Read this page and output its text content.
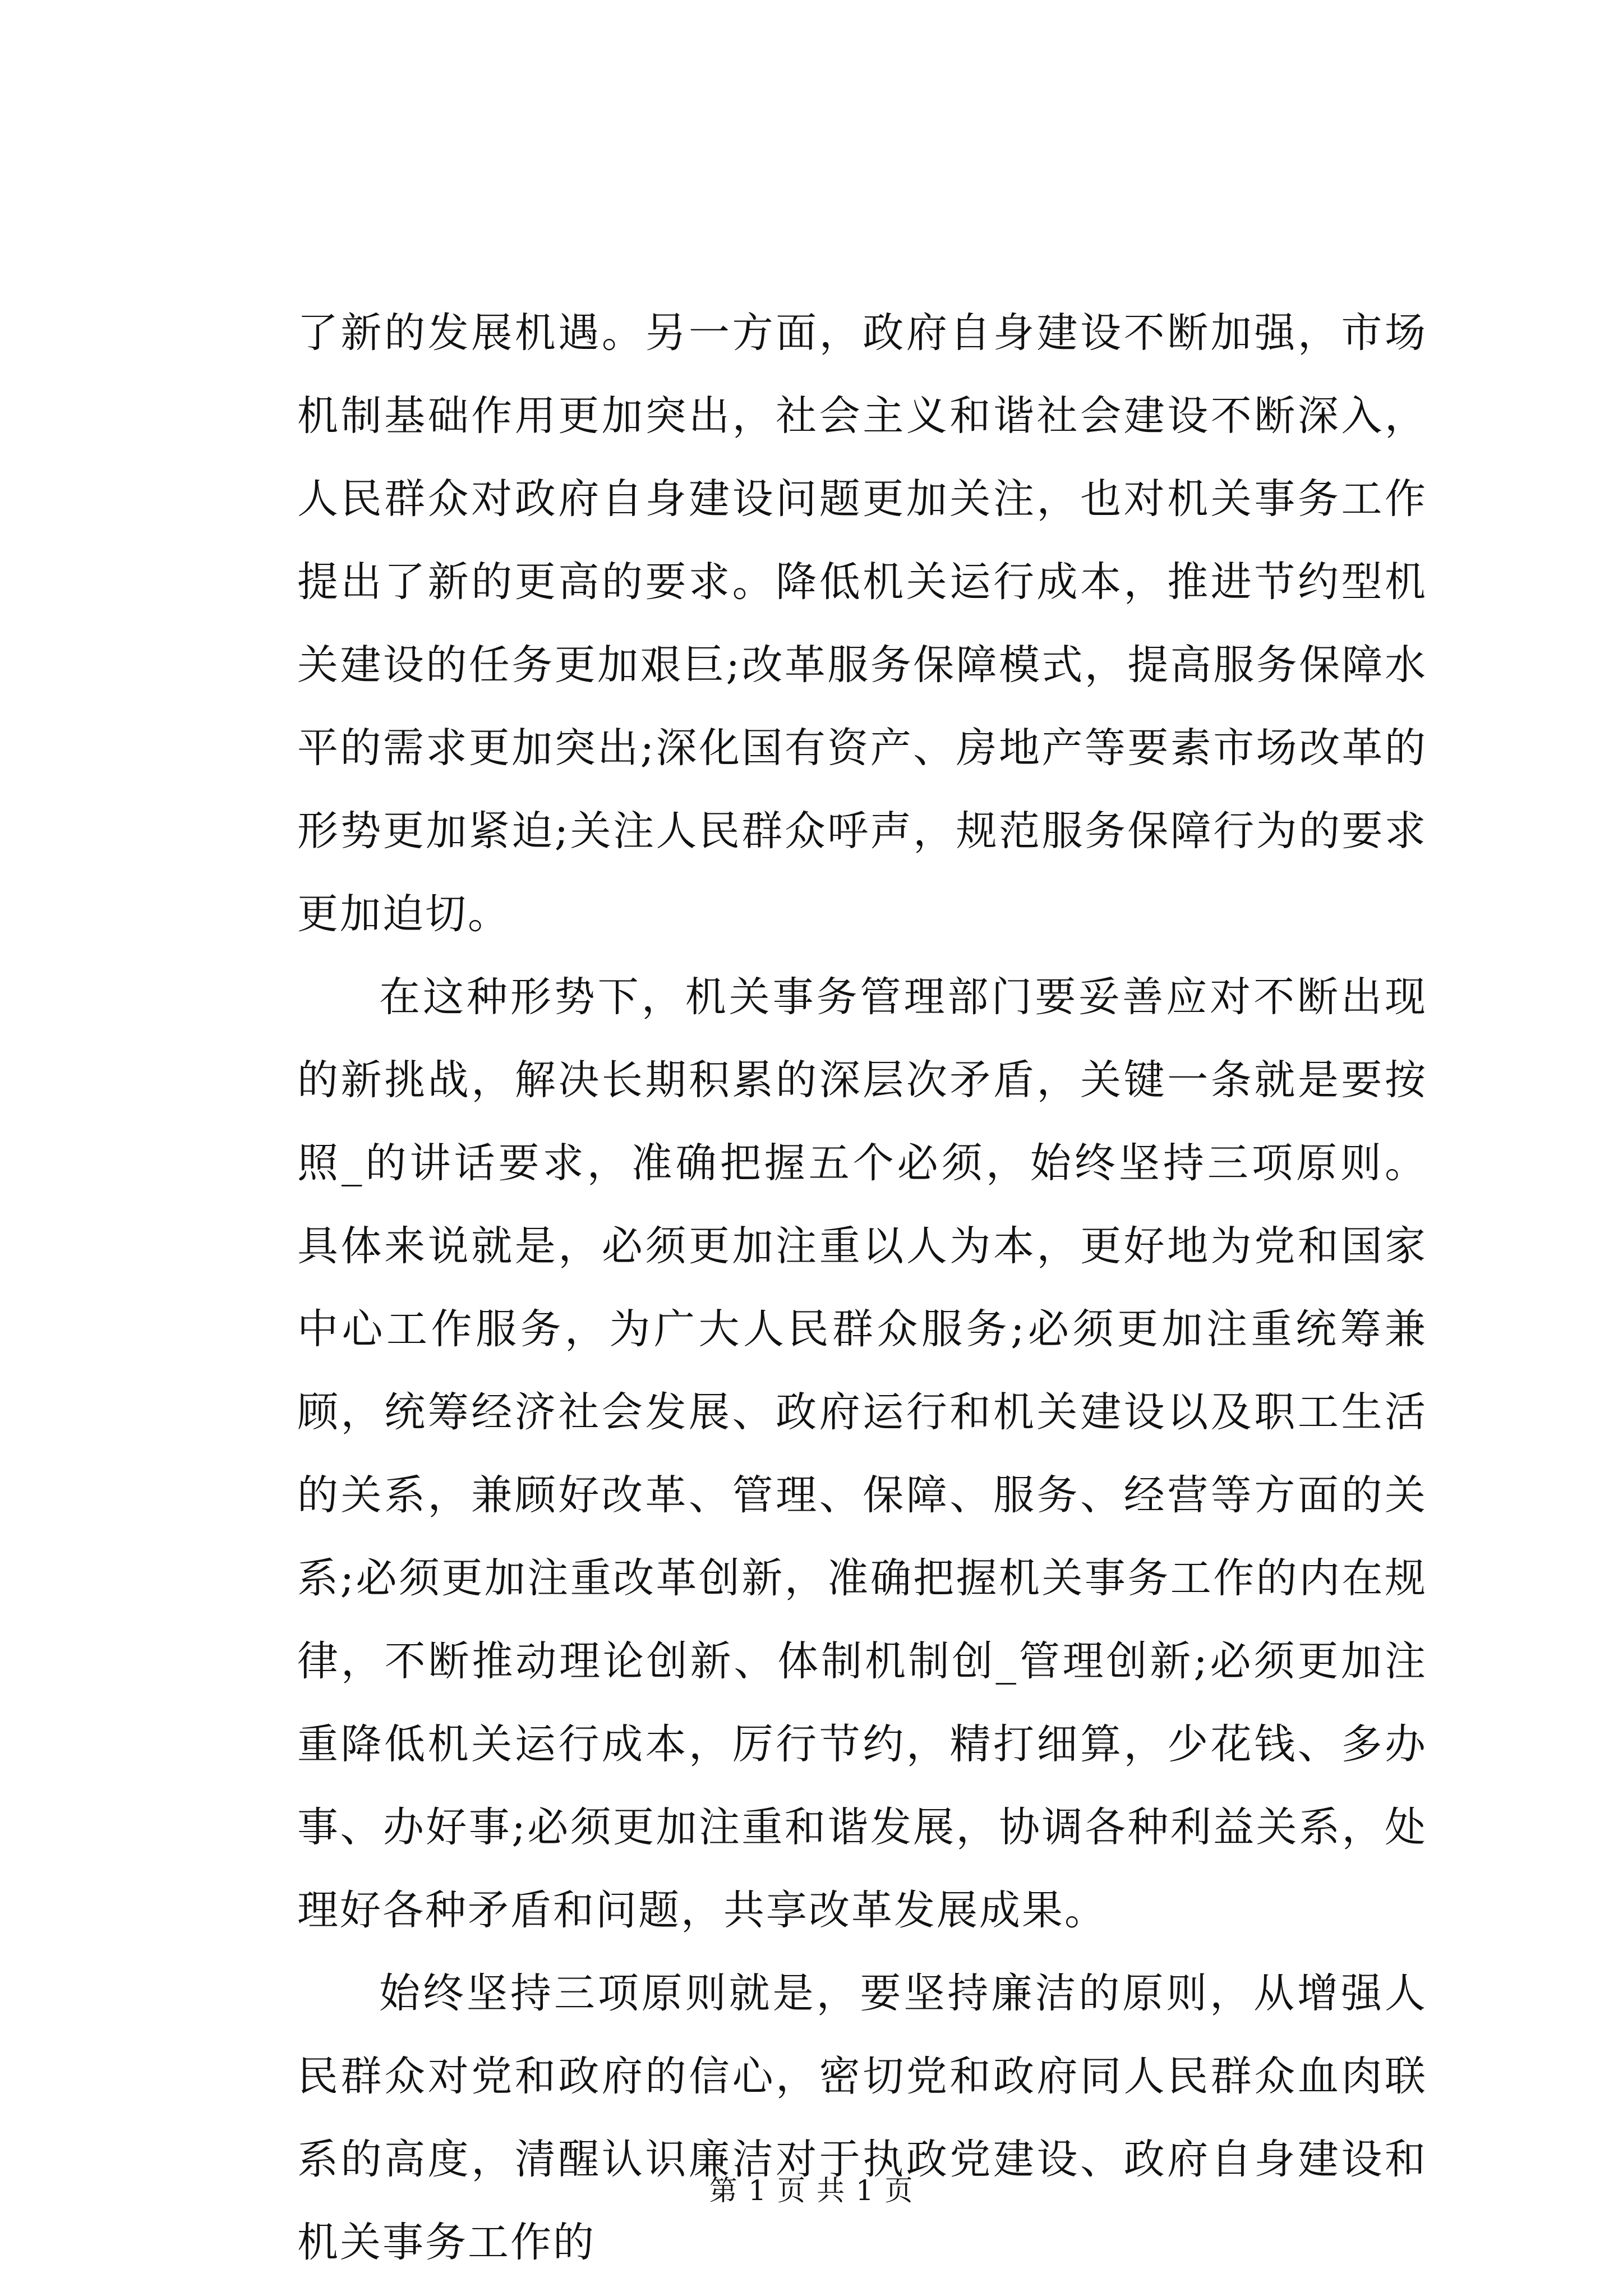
了新的发展机遇。另一方面，政府自身建设不断加强，市场机制基础作用更加突出，社会主义和谐社会建设不断深入，人民群众对政府自身建设问题更加关注，也对机关事务工作提出了新的更高的要求。降低机关运行成本，推进节约型机关建设的任务更加艰巨;改革服务保障模式，提高服务保障水平的需求更加突出;深化国有资产、房地产等要素市场改革的形势更加紧迫;关注人民群众呼声，规范服务保障行为的要求更加迫切。

在这种形势下，机关事务管理部门要妥善应对不断出现的新挑战，解决长期积累的深层次矛盾，关键一条就是要按照_的讲话要求，准确把握五个必须，始终坚持三项原则。具体来说就是，必须更加注重以人为本，更好地为党和国家中心工作服务，为广大人民群众服务;必须更加注重统筹兼顾，统筹经济社会发展、政府运行和机关建设以及职工生活的关系，兼顾好改革、管理、保障、服务、经营等方面的关系;必须更加注重改革创新，准确把握机关事务工作的内在规律，不断推动理论创新、体制机制创_管理创新;必须更加注重降低机关运行成本，厉行节约，精打细算，少花钱、多办事、办好事;必须更加注重和谐发展，协调各种利益关系，处理好各种矛盾和问题，共享改革发展成果。

始终坚持三项原则就是，要坚持廉洁的原则，从增强人民群众对党和政府的信心，密切党和政府同人民群众血肉联系的高度，清醒认识廉洁对于执政党建设、政府自身建设和机关事务工作的

第 1 页 共 1 页
